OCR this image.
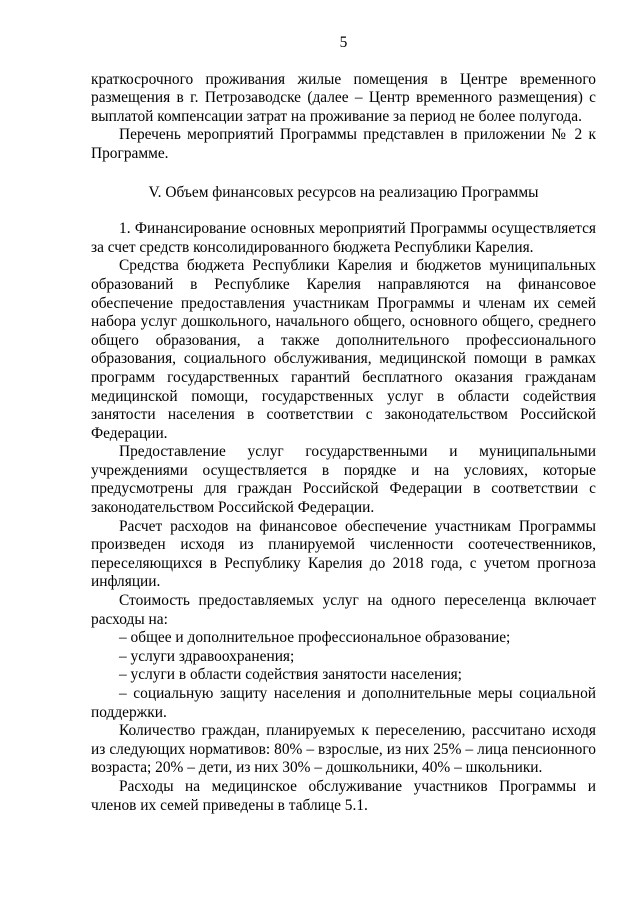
5

краткосрочного проживания жилые помещения в Центре временного размещения в г. Петрозаводске (далее – Центр временного размещения) с выплатой компенсации затрат на проживание за период не более полугода.

Перечень мероприятий Программы представлен в приложении № 2 к Программе.

V. Объем финансовых ресурсов на реализацию Программы

1. Финансирование основных мероприятий Программы осуществляется за счет средств консолидированного бюджета Республики Карелия.

Средства бюджета Республики Карелия и бюджетов муниципальных образований в Республике Карелия направляются на финансовое обеспечение предоставления участникам Программы и членам их семей набора услуг дошкольного, начального общего, основного общего, среднего общего образования, а также дополнительного профессионального образования, социального обслуживания, медицинской помощи в рамках программ государственных гарантий бесплатного оказания гражданам медицинской помощи, государственных услуг в области содействия занятости населения в соответствии с законодательством Российской Федерации.

Предоставление услуг государственными и муниципальными учреждениями осуществляется в порядке и на условиях, которые предусмотрены для граждан Российской Федерации в соответствии с законодательством Российской Федерации.

Расчет расходов на финансовое обеспечение участникам Программы произведен исходя из планируемой численности соотечественников, переселяющихся в Республику Карелия до 2018 года, с учетом прогноза инфляции.

Стоимость предоставляемых услуг на одного переселенца включает расходы на:

– общее и дополнительное профессиональное образование;

– услуги здравоохранения;

– услуги в области содействия занятости населения;

– социальную защиту населения и дополнительные меры социальной поддержки.

Количество граждан, планируемых к переселению, рассчитано исходя из следующих нормативов: 80% – взрослые, из них 25% – лица пенсионного возраста; 20% – дети, из них 30% – дошкольники, 40% – школьники.

Расходы на медицинское обслуживание участников Программы и членов их семей приведены в таблице 5.1.
